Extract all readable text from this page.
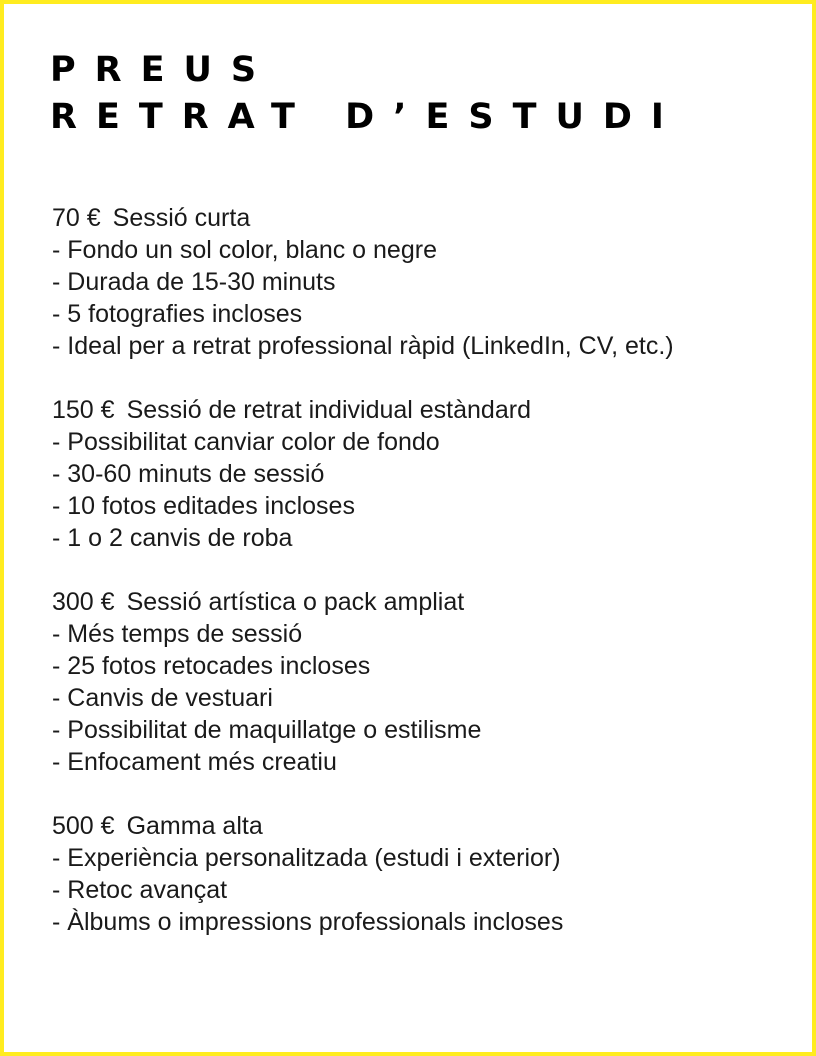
PREUS
RETRAT D’ESTUDI
70 € Sessió curta
- Fondo un sol color, blanc o negre
- Durada de 15-30 minuts
- 5 fotografies incloses
- Ideal per a retrat professional ràpid (LinkedIn, CV, etc.)
150 € Sessió de retrat individual estàndard
- Possibilitat canviar color de fondo
- 30-60 minuts de sessió
- 10 fotos editades incloses
- 1 o 2 canvis de roba
300 € Sessió artística o pack ampliat
- Més temps de sessió
- 25 fotos retocades incloses
- Canvis de vestuari
- Possibilitat de maquillatge o estilisme
- Enfocament més creatiu
500 € Gamma alta
- Experiència personalitzada (estudi i exterior)
- Retoc avançat
- Àlbums o impressions professionals incloses
